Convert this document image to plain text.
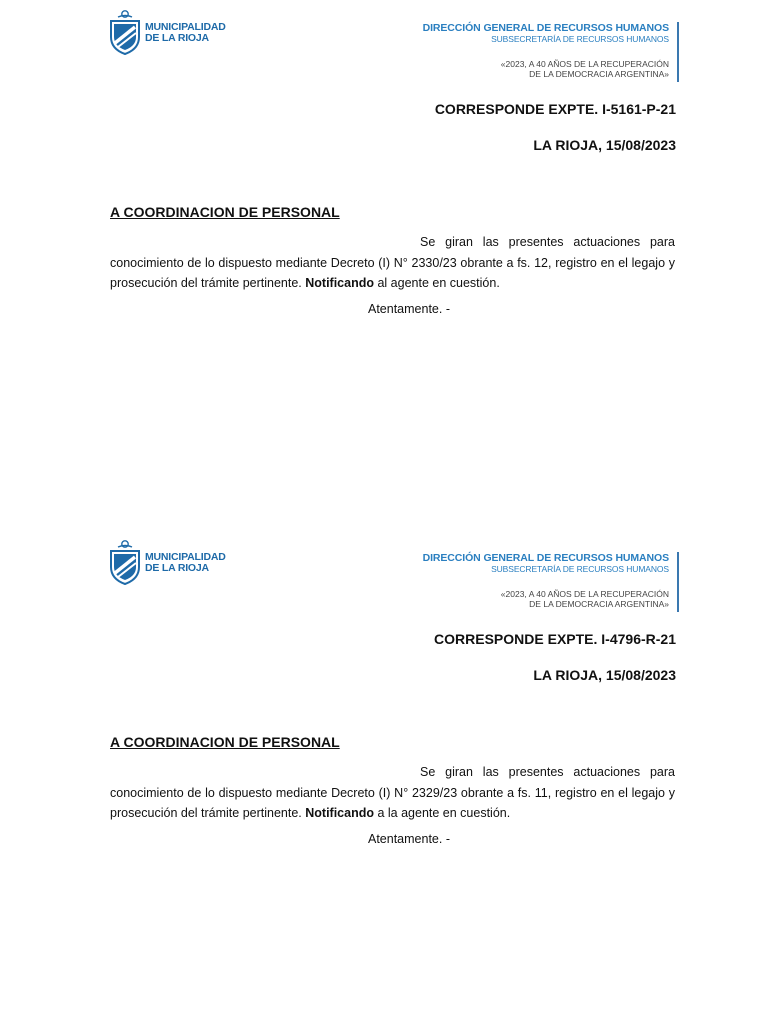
MUNICIPALIDAD
DE LA RIOJA
DIRECCIÓN GENERAL DE RECURSOS HUMANOS
SUBSECRETARÍA DE RECURSOS HUMANOS
«2023, A 40 AÑOS DE LA RECUPERACIÓN
DE LA DEMOCRACIA ARGENTINA»
CORRESPONDE EXPTE. I-5161-P-21
LA RIOJA, 15/08/2023
A COORDINACION DE PERSONAL

Se giran las presentes actuaciones para conocimiento de lo dispuesto mediante Decreto (I) N° 2330/23 obrante a fs. 12, registro en el legajo y prosecución del trámite pertinente. Notificando al agente en cuestión.

Atentamente. -
MUNICIPALIDAD
DE LA RIOJA
DIRECCIÓN GENERAL DE RECURSOS HUMANOS
SUBSECRETARÍA DE RECURSOS HUMANOS
«2023, A 40 AÑOS DE LA RECUPERACIÓN
DE LA DEMOCRACIA ARGENTINA»
CORRESPONDE EXPTE. I-4796-R-21
LA RIOJA, 15/08/2023
A COORDINACION DE PERSONAL

Se giran las presentes actuaciones para conocimiento de lo dispuesto mediante Decreto (I) N° 2329/23 obrante a fs. 11, registro en el legajo y prosecución del trámite pertinente. Notificando a la agente en cuestión.

Atentamente. -
